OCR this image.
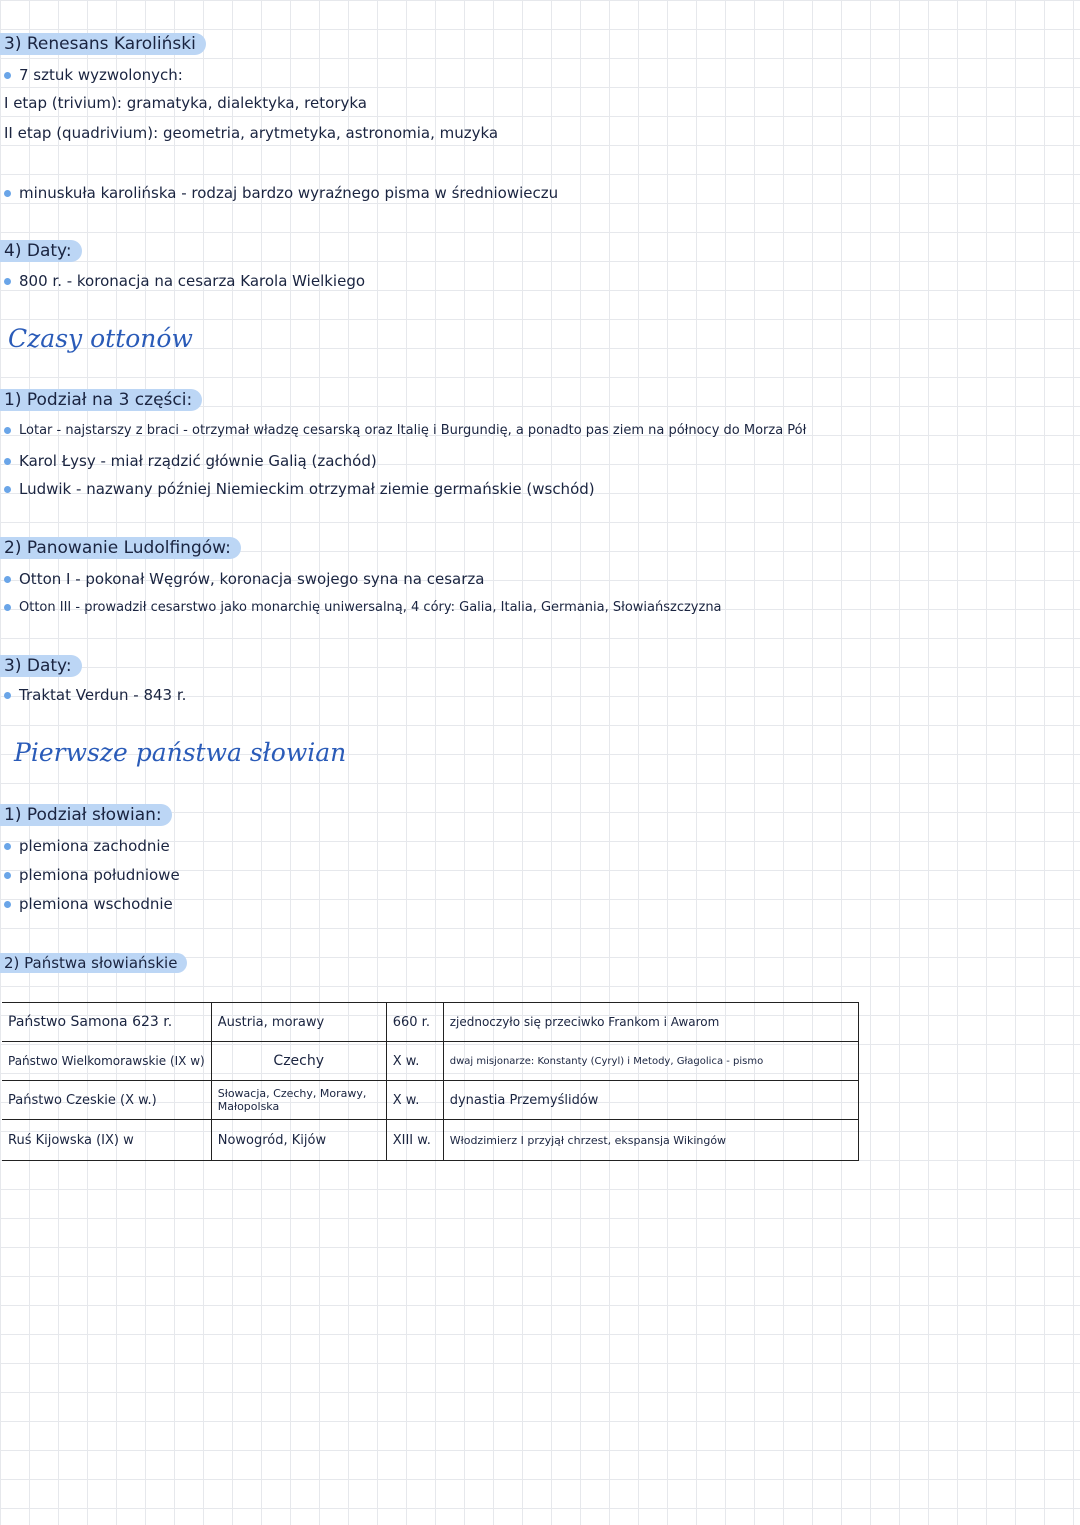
3) Renesans Karoliński
7 sztuk wyzwolonych:
I etap (trivium): gramatyka, dialektyka, retoryka
II etap (quadrivium): geometria, arytmetyka, astronomia, muzyka
minuskuła karolińska - rodzaj bardzo wyraźnego pisma w średniowieczu
4) Daty:
800 r. - koronacja na cesarza Karola Wielkiego
Czasy ottonów
1) Podział na 3 części:
Lotar - najstarszy z braci - otrzymał władzę cesarską oraz Italię i Burgundię, a ponadto pas ziem na północy do Morza Pół
Karol Łysy - miał rządzić głównie Galią (zachód)
Ludwik - nazwany później Niemieckim otrzymał ziemie germańskie (wschód)
2) Panowanie Ludolfingów:
Otton I - pokonał Węgrów, koronacja swojego syna na cesarza
Otton III - prowadził cesarstwo jako monarchię uniwersalną, 4 córy: Galia, Italia, Germania, Słowiańszczyzna
3) Daty:
Traktat Verdun - 843 r.
Pierwsze państwa słowian
1) Podział słowian:
plemiona zachodnie
plemiona południowe
plemiona wschodnie
2) Państwa słowiańskie
Państwo Samona 623 r.	Austria, morawy	660 r.	zjednoczyło się przeciwko Frankom i Awarom
Państwo Wielkomorawskie (IX w)	Czechy	X w.	dwaj misjonarze: Konstanty (Cyryl) i Metody, Głagolica - pismo
Państwo Czeskie (X w.)	Słowacja, Czechy, Morawy, Małopolska	X w.	dynastia Przemyślidów
Ruś Kijowska (IX) w	Nowogród, Kijów	XIII w.	Włodzimierz I przyjął chrzest, ekspansja Wikingów
